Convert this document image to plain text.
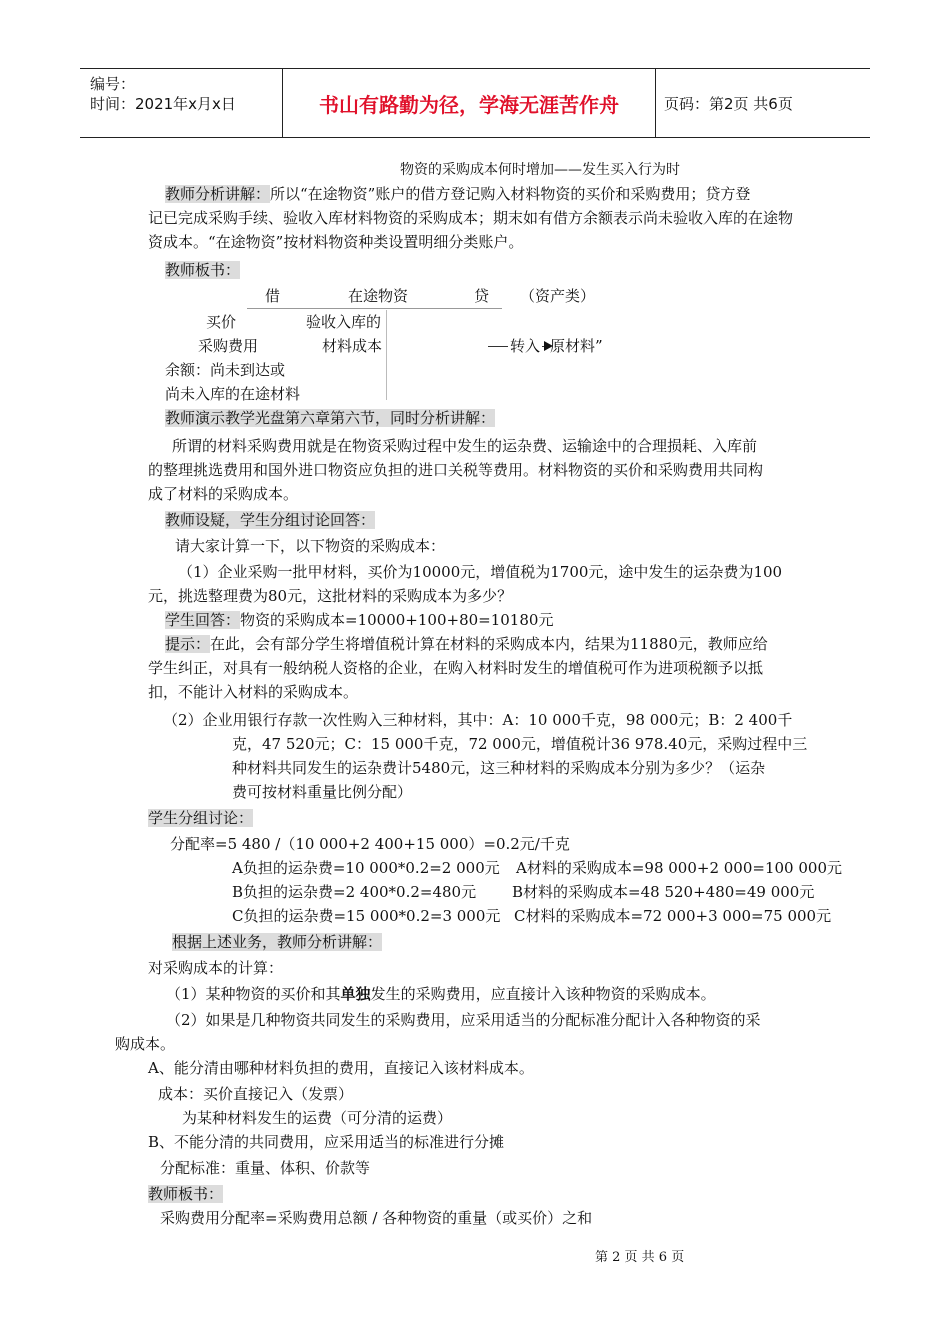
编号：
时间：2021年x月x日	书山有路勤为径，学海无涯苦作舟	页码：第2页 共6页
物资的采购成本何时增加——发生买入行为时
教师分析讲解：所以“在途物资”账户的借方登记购入材料物资的买价和采购费用；贷方登
记已完成采购手续、验收入库材料物资的采购成本；期末如有借方余额表示尚未验收入库的在途物
资成本。“在途物资”按材料物资种类设置明细分类账户。
教师板书：
借	在途物资	贷 （资产类）
买价	验收入库的
采购费用	材料成本	转入 原材料”
余额：尚未到达或
尚未入库的在途材料
教师演示教学光盘第六章第六节，同时分析讲解：
所谓的材料采购费用就是在物资采购过程中发生的运杂费、运输途中的合理损耗、入库前
的整理挑选费用和国外进口物资应负担的进口关税等费用。材料物资的买价和采购费用共同构
成了材料的采购成本。
教师设疑，学生分组讨论回答：
请大家计算一下，以下物资的采购成本：
（1）企业采购一批甲材料，买价为10000元，增值税为1700元，途中发生的运杂费为100
元，挑选整理费为80元，这批材料的采购成本为多少？
学生回答：物资的采购成本=10000+100+80=10180元
提示：在此，会有部分学生将增值税计算在材料的采购成本内，结果为11880元，教师应给
学生纠正，对具有一般纳税人资格的企业，在购入材料时发生的增值税可作为进项税额予以抵
扣，不能计入材料的采购成本。
（2）企业用银行存款一次性购入三种材料，其中：A：10 000千克，98 000元；B：2 400千
克，47 520元；C：15 000千克，72 000元，增值税计36 978.40元，采购过程中三
种材料共同发生的运杂费计5480元，这三种材料的采购成本分别为多少？（运杂
费可按材料重量比例分配）
学生分组讨论：
分配率=5 480 /（10 000+2 400+15 000）=0.2元/千克
A负担的运杂费=10 000*0.2=2 000元 A材料的采购成本=98 000+2 000=100 000元
B负担的运杂费=2 400*0.2=480元 B材料的采购成本=48 520+480=49 000元
C负担的运杂费=15 000*0.2=3 000元 C材料的采购成本=72 000+3 000=75 000元
根据上述业务，教师分析讲解：
对采购成本的计算：
（1）某种物资的买价和其单独发生的采购费用，应直接计入该种物资的采购成本。
（2）如果是几种物资共同发生的采购费用，应采用适当的分配标准分配计入各种物资的采
购成本。
A、能分清由哪种材料负担的费用，直接记入该材料成本。
成本：买价直接记入（发票）
为某种材料发生的运费（可分清的运费）
B、不能分清的共同费用，应采用适当的标准进行分摊
分配标准：重量、体积、价款等
教师板书：
采购费用分配率=采购费用总额 / 各种物资的重量（或买价）之和
第 2 页 共 6 页
